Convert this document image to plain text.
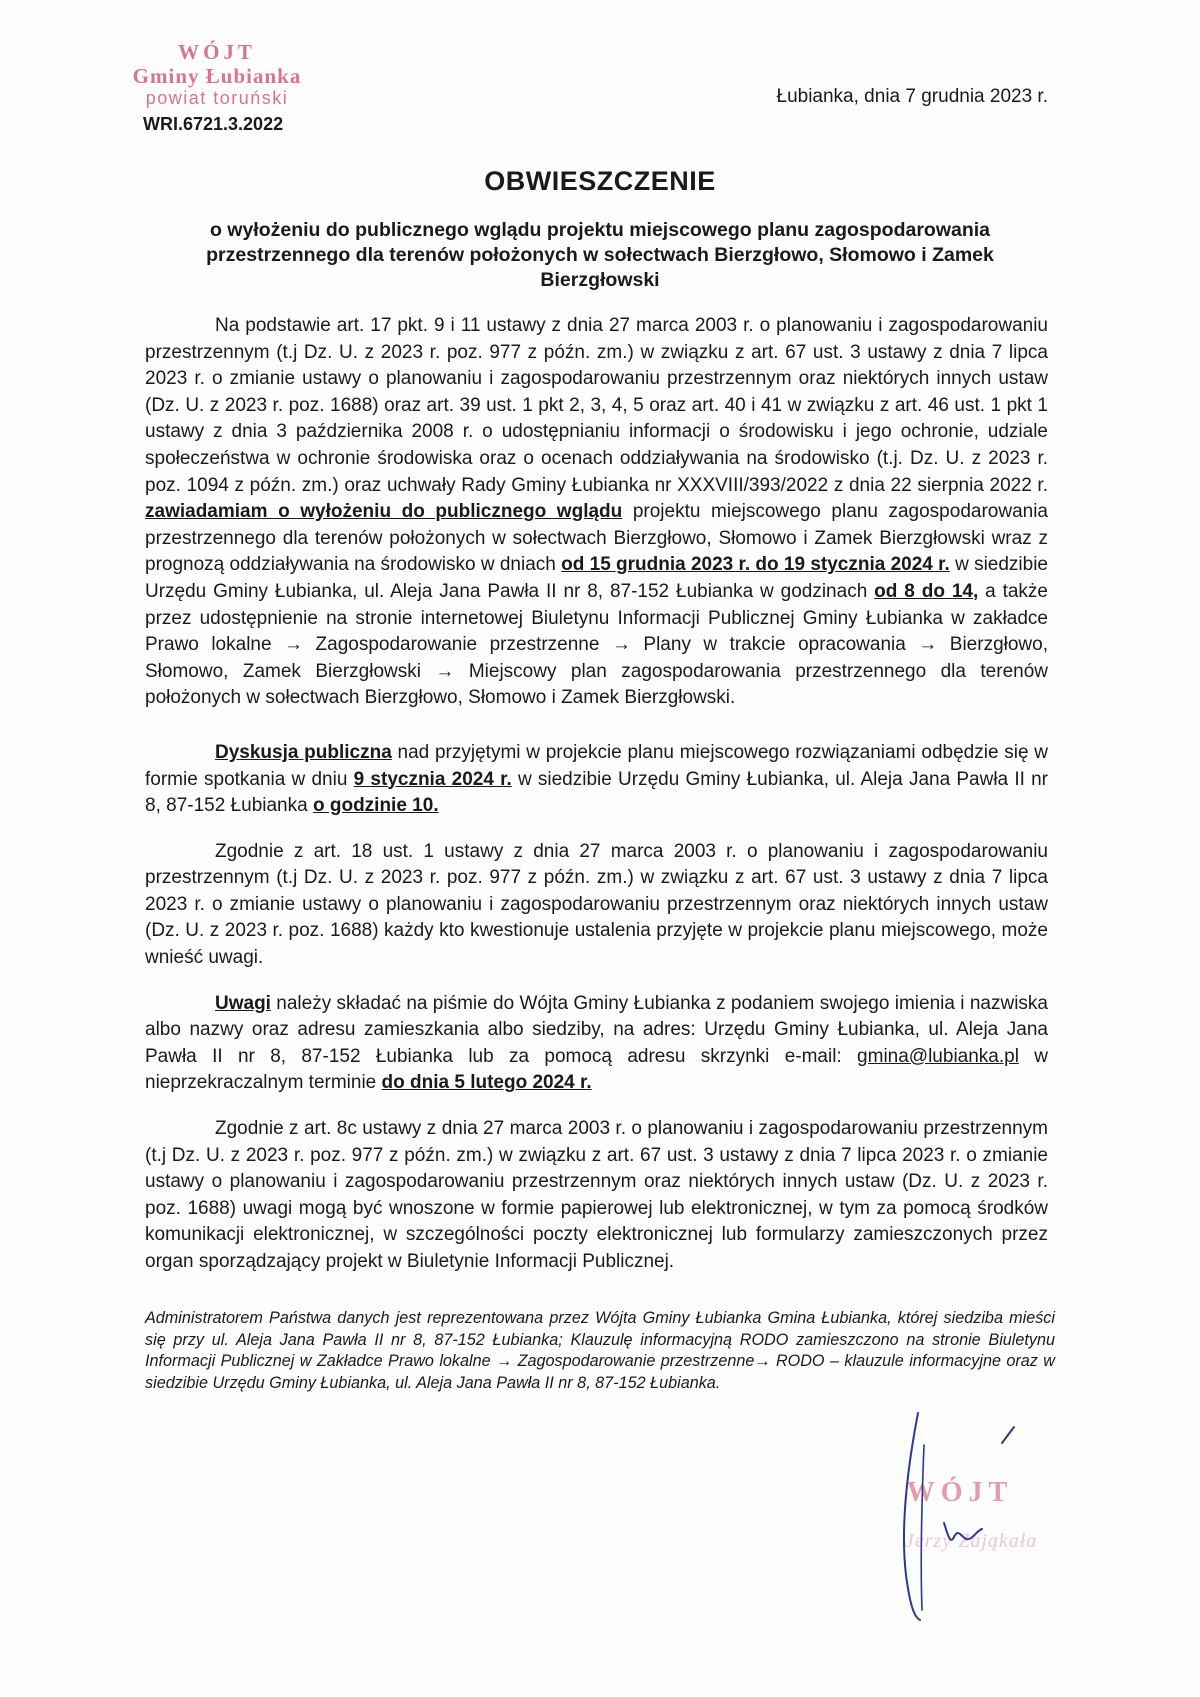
WÓJT
Gminy Łubianka
powiat toruński
WRI.6721.3.2022
Łubianka, dnia 7 grudnia 2023 r.
OBWIESZCZENIE
o wyłożeniu do publicznego wglądu projektu miejscowego planu zagospodarowania przestrzennego dla terenów położonych w sołectwach Bierzgłowo, Słomowo i Zamek Bierzgłowski

Na podstawie art. 17 pkt. 9 i 11 ustawy z dnia 27 marca 2003 r. o planowaniu i zagospodarowaniu przestrzennym (t.j Dz. U. z 2023 r. poz. 977 z późn. zm.) w związku z art. 67 ust. 3 ustawy z dnia 7 lipca 2023 r. o zmianie ustawy o planowaniu i zagospodarowaniu przestrzennym oraz niektórych innych ustaw (Dz. U. z 2023 r. poz. 1688) oraz art. 39 ust. 1 pkt 2, 3, 4, 5 oraz art. 40 i 41 w związku z art. 46 ust. 1 pkt 1 ustawy z dnia 3 października 2008 r. o udostępnianiu informacji o środowisku i jego ochronie, udziale społeczeństwa w ochronie środowiska oraz o ocenach oddziaływania na środowisko (t.j. Dz. U. z 2023 r. poz. 1094 z późn. zm.) oraz uchwały Rady Gminy Łubianka nr XXXVIII/393/2022 z dnia 22 sierpnia 2022 r. zawiadamiam o wyłożeniu do publicznego wglądu projektu miejscowego planu zagospodarowania przestrzennego dla terenów położonych w sołectwach Bierzgłowo, Słomowo i Zamek Bierzgłowski wraz z prognozą oddziaływania na środowisko w dniach od 15 grudnia 2023 r. do 19 stycznia 2024 r. w siedzibie Urzędu Gminy Łubianka, ul. Aleja Jana Pawła II nr 8, 87-152 Łubianka w godzinach od 8 do 14, a także przez udostępnienie na stronie internetowej Biuletynu Informacji Publicznej Gminy Łubianka w zakładce Prawo lokalne → Zagospodarowanie przestrzenne → Plany w trakcie opracowania → Bierzgłowo, Słomowo, Zamek Bierzgłowski → Miejscowy plan zagospodarowania przestrzennego dla terenów położonych w sołectwach Bierzgłowo, Słomowo i Zamek Bierzgłowski.

Dyskusja publiczna nad przyjętymi w projekcie planu miejscowego rozwiązaniami odbędzie się w formie spotkania w dniu 9 stycznia 2024 r. w siedzibie Urzędu Gminy Łubianka, ul. Aleja Jana Pawła II nr 8, 87-152 Łubianka o godzinie 10.

Zgodnie z art. 18 ust. 1 ustawy z dnia 27 marca 2003 r. o planowaniu i zagospodarowaniu przestrzennym (t.j Dz. U. z 2023 r. poz. 977 z późn. zm.) w związku z art. 67 ust. 3 ustawy z dnia 7 lipca 2023 r. o zmianie ustawy o planowaniu i zagospodarowaniu przestrzennym oraz niektórych innych ustaw (Dz. U. z 2023 r. poz. 1688) każdy kto kwestionuje ustalenia przyjęte w projekcie planu miejscowego, może wnieść uwagi.

Uwagi należy składać na piśmie do Wójta Gminy Łubianka z podaniem swojego imienia i nazwiska albo nazwy oraz adresu zamieszkania albo siedziby, na adres: Urzędu Gminy Łubianka, ul. Aleja Jana Pawła II nr 8, 87-152 Łubianka lub za pomocą adresu skrzynki e-mail: gmina@lubianka.pl w nieprzekraczalnym terminie do dnia 5 lutego 2024 r.

Zgodnie z art. 8c ustawy z dnia 27 marca 2003 r. o planowaniu i zagospodarowaniu przestrzennym (t.j Dz. U. z 2023 r. poz. 977 z późn. zm.) w związku z art. 67 ust. 3 ustawy z dnia 7 lipca 2023 r. o zmianie ustawy o planowaniu i zagospodarowaniu przestrzennym oraz niektórych innych ustaw (Dz. U. z 2023 r. poz. 1688) uwagi mogą być wnoszone w formie papierowej lub elektronicznej, w tym za pomocą środków komunikacji elektronicznej, w szczególności poczty elektronicznej lub formularzy zamieszczonych przez organ sporządzający projekt w Biuletynie Informacji Publicznej.

Administratorem Państwa danych jest reprezentowana przez Wójta Gminy Łubianka Gmina Łubianka, której siedziba mieści się przy ul. Aleja Jana Pawła II nr 8, 87-152 Łubianka; Klauzulę informacyjną RODO zamieszczono na stronie Biuletynu Informacji Publicznej w Zakładce Prawo lokalne → Zagospodarowanie przestrzenne→ RODO – klauzule informacyjne oraz w siedzibie Urzędu Gminy Łubianka, ul. Aleja Jana Pawła II nr 8, 87-152 Łubianka.
WÓJT
Jerzy Zająkała
